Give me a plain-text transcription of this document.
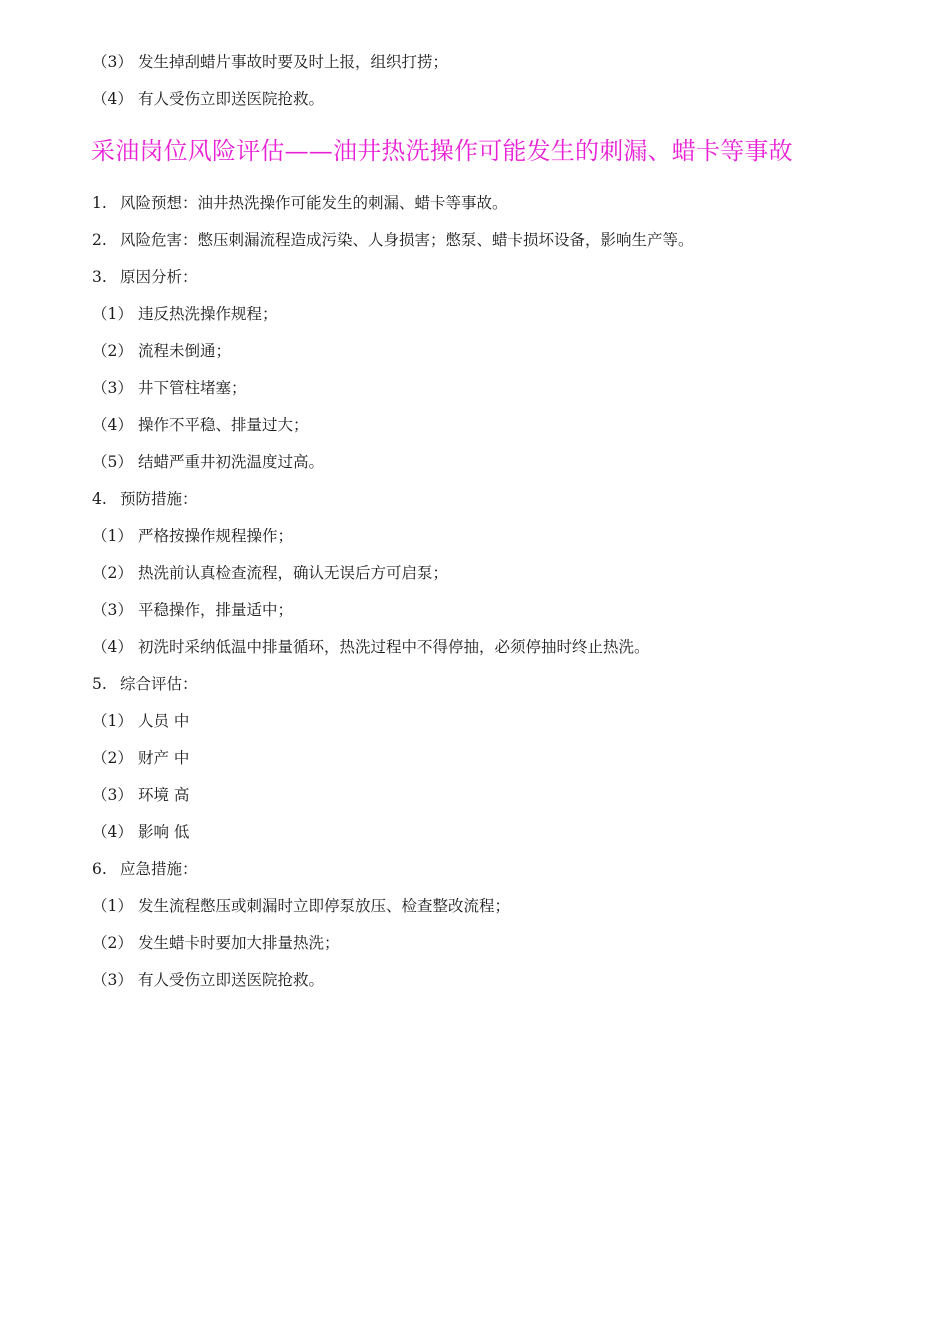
（3） 发生掉刮蜡片事故时要及时上报，组织打捞；
（4） 有人受伤立即送医院抢救。
采油岗位风险评估——油井热洗操作可能发生的刺漏、蜡卡等事故
1. 风险预想：油井热洗操作可能发生的刺漏、蜡卡等事故。
2. 风险危害：憋压刺漏流程造成污染、人身损害；憋泵、蜡卡损坏设备，影响生产等。
3. 原因分析：
（1） 违反热洗操作规程；
（2） 流程未倒通；
（3） 井下管柱堵塞；
（4） 操作不平稳、排量过大；
（5） 结蜡严重井初洗温度过高。
4. 预防措施：
（1） 严格按操作规程操作；
（2） 热洗前认真检查流程，确认无误后方可启泵；
（3） 平稳操作，排量适中；
（4） 初洗时采纳低温中排量循环，热洗过程中不得停抽，必须停抽时终止热洗。
5. 综合评估：
（1） 人员 中
（2） 财产 中
（3） 环境 高
（4） 影响 低
6. 应急措施：
（1） 发生流程憋压或刺漏时立即停泵放压、检查整改流程；
（2） 发生蜡卡时要加大排量热洗；
（3） 有人受伤立即送医院抢救。
